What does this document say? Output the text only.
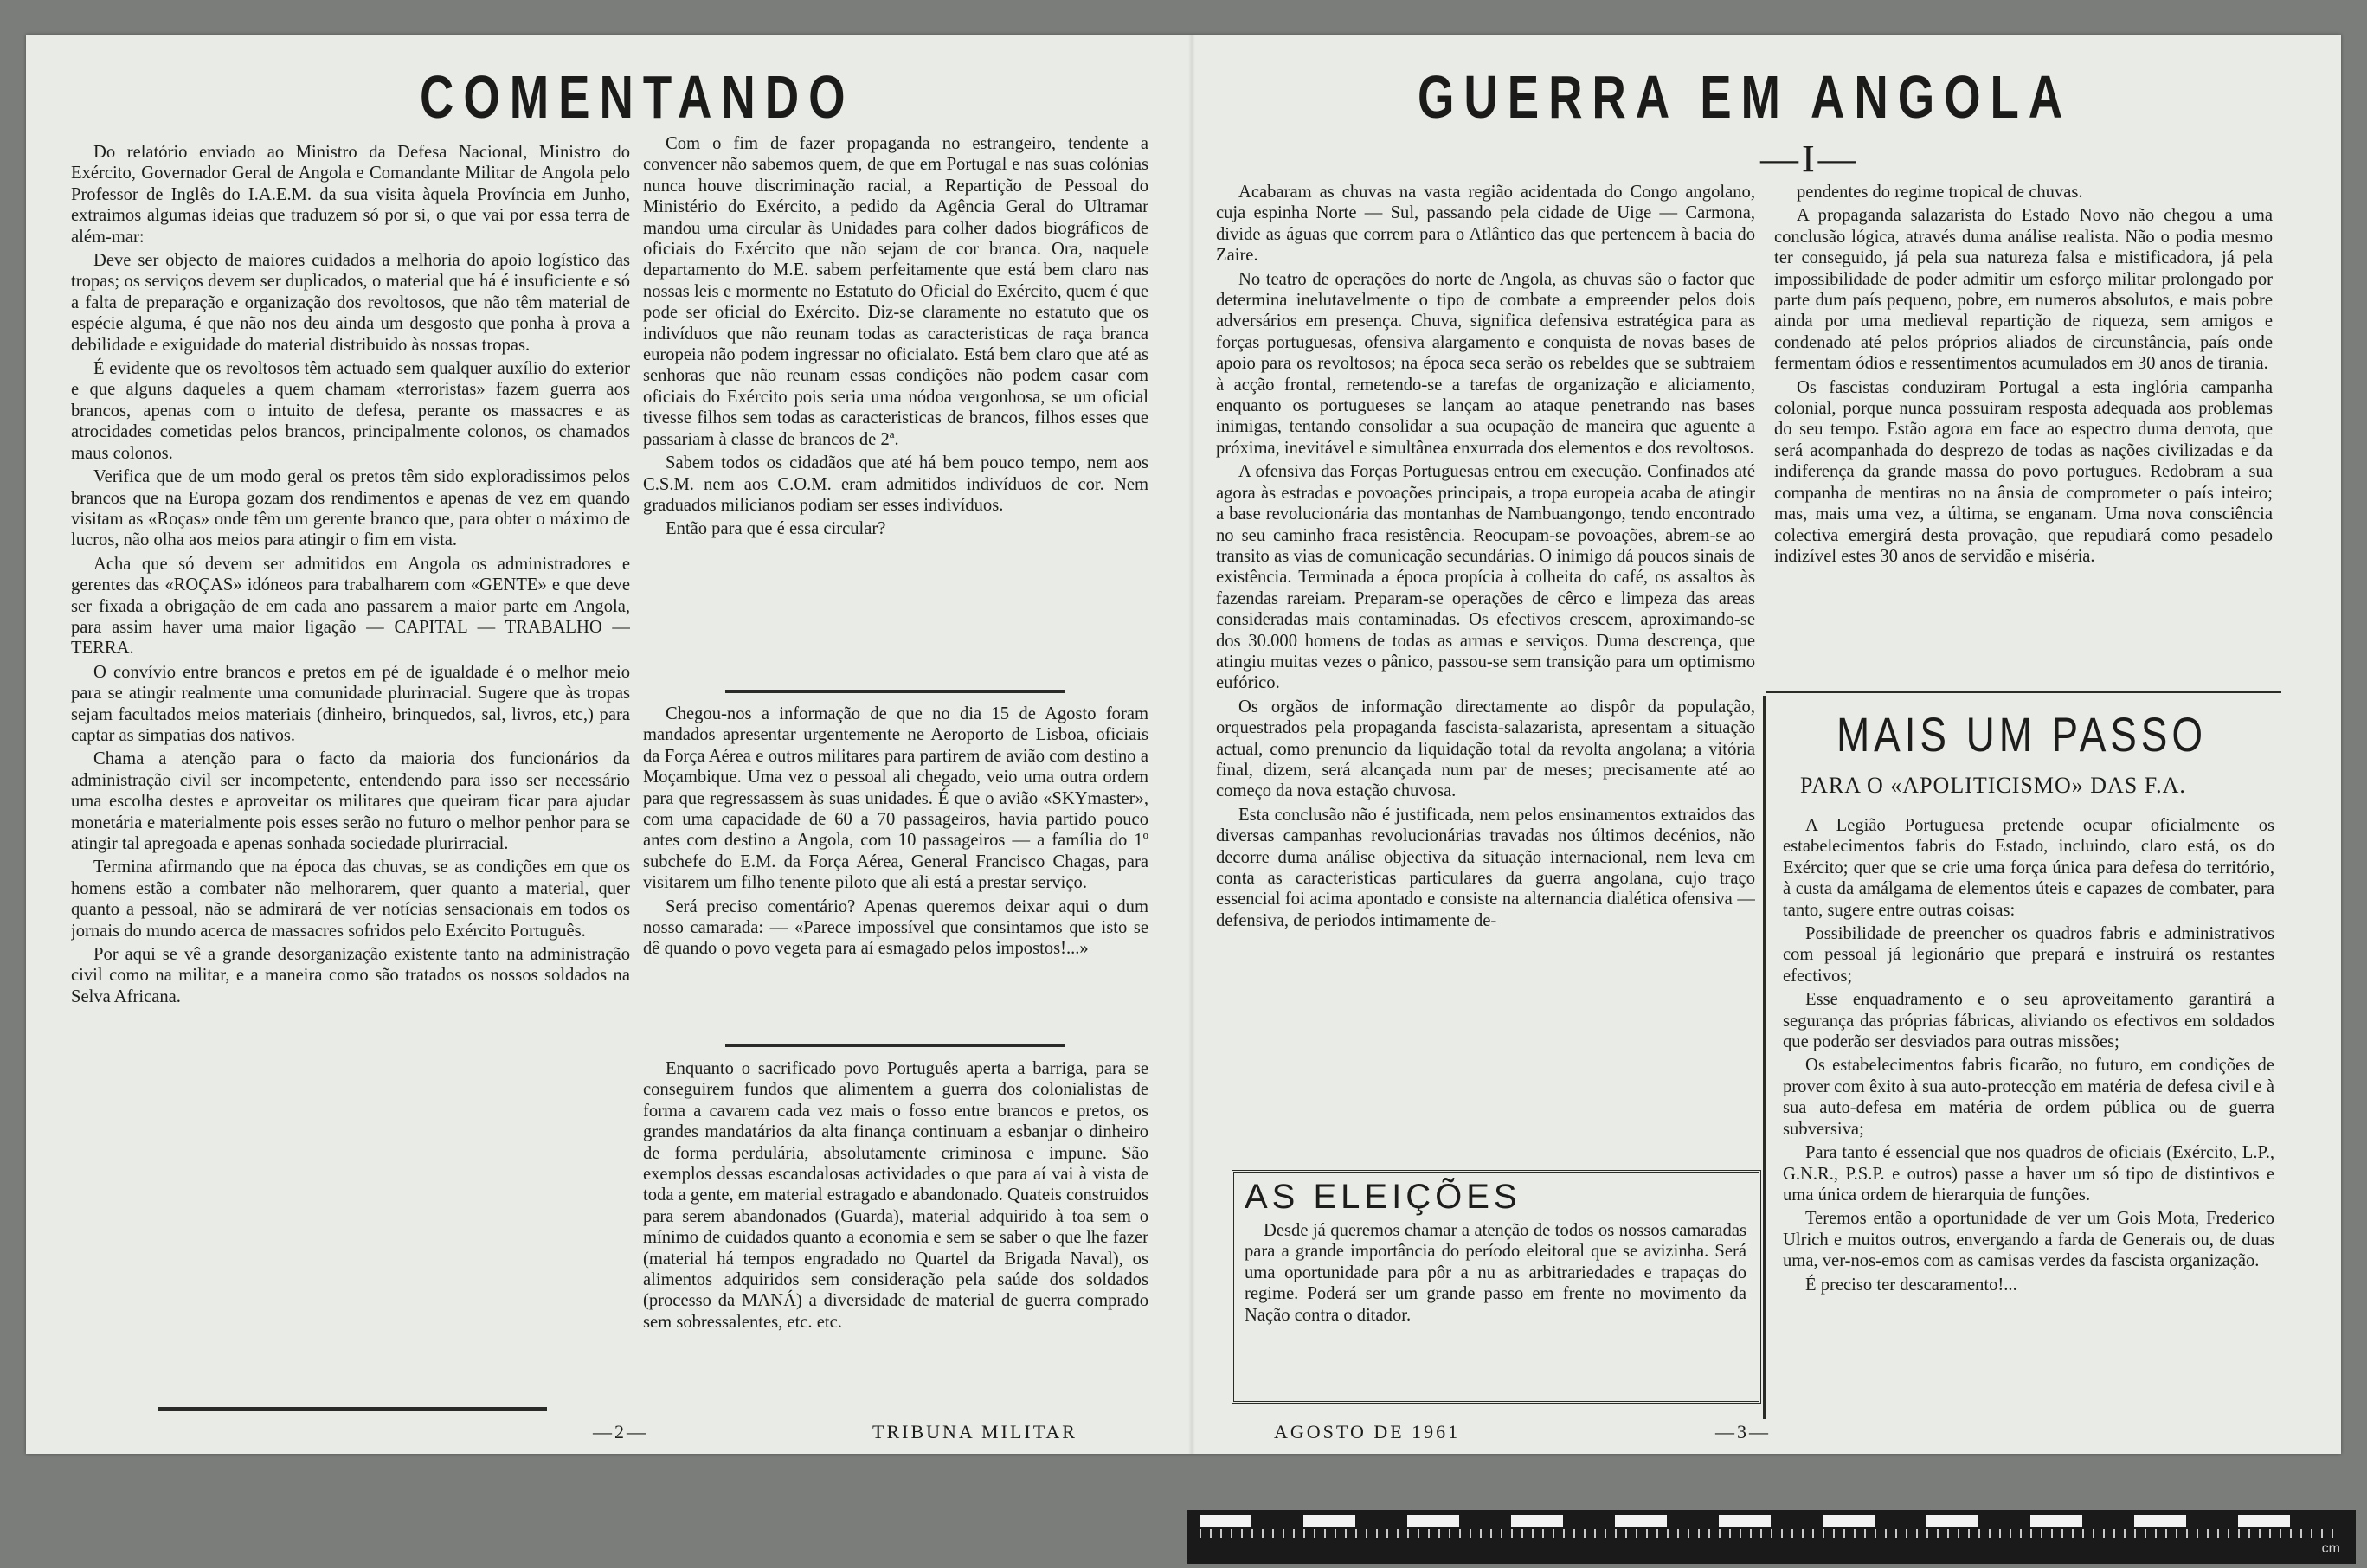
COMENTANDO

Do relatório enviado ao Ministro da Defesa Nacional, Ministro do Exército, Governador Geral de Angola e Comandante Militar de Angola pelo Professor de Inglês do I.A.E.M. da sua visita àquela Província em Junho, extraimos algumas ideias que traduzem só por si, o que vai por essa terra de além-mar:

Deve ser objecto de maiores cuidados a melhoria do apoio logístico das tropas; os serviços devem ser duplicados, o material que há é insuficiente e só a falta de preparação e organização dos revoltosos, que não têm material de espécie alguma, é que não nos deu ainda um desgosto que ponha à prova a debilidade e exiguidade do material distribuido às nossas tropas.

É evidente que os revoltosos têm actuado sem qualquer auxílio do exterior e que alguns daqueles a quem chamam «terroristas» fazem guerra aos brancos, apenas com o intuito de defesa, perante os massacres e as atrocidades cometidas pelos brancos, principalmente colonos, os chamados maus colonos.

Verifica que de um modo geral os pretos têm sido exploradissimos pelos brancos que na Europa gozam dos rendimentos e apenas de vez em quando visitam as «Roças» onde têm um gerente branco que, para obter o máximo de lucros, não olha aos meios para atingir o fim em vista.

Acha que só devem ser admitidos em Angola os administradores e gerentes das «ROÇAS» idóneos para trabalharem com «GENTE» e que deve ser fixada a obrigação de em cada ano passarem a maior parte em Angola, para assim haver uma maior ligação — CAPITAL — TRABALHO — TERRA.

O convívio entre brancos e pretos em pé de igualdade é o melhor meio para se atingir realmente uma comunidade plurirracial. Sugere que às tropas sejam facultados meios materiais (dinheiro, brinquedos, sal, livros, etc,) para captar as simpatias dos nativos.

Chama a atenção para o facto da maioria dos funcionários da administração civil ser incompetente, entendendo para isso ser necessário uma escolha destes e aproveitar os militares que queiram ficar para ajudar monetária e materialmente pois esses serão no futuro o melhor penhor para se atingir tal apregoada e apenas sonhada sociedade plurirracial.

Termina afirmando que na época das chuvas, se as condições em que os homens estão a combater não melhorarem, quer quanto a material, quer quanto a pessoal, não se admirará de ver notícias sensacionais em todos os jornais do mundo acerca de massacres sofridos pelo Exército Português.

Por aqui se vê a grande desorganização existente tanto na administração civil como na militar, e a maneira como são tratados os nossos soldados na Selva Africana.

Com o fim de fazer propaganda no estrangeiro, tendente a convencer não sabemos quem, de que em Portugal e nas suas colónias nunca houve discriminação racial, a Repartição de Pessoal do Ministério do Exército, a pedido da Agência Geral do Ultramar mandou uma circular às Unidades para colher dados biográficos de oficiais do Exército que não sejam de cor branca. Ora, naquele departamento do M.E. sabem perfeitamente que está bem claro nas nossas leis e mormente no Estatuto do Oficial do Exército, quem é que pode ser oficial do Exército. Diz-se claramente no estatuto que os indivíduos que não reunam todas as caracteristicas de raça branca europeia não podem ingressar no oficialato. Está bem claro que até as senhoras que não reunam essas condições não podem casar com oficiais do Exército pois seria uma nódoa vergonhosa, se um oficial tivesse filhos sem todas as caracteristicas de brancos, filhos esses que passariam à classe de brancos de 2ª.

Sabem todos os cidadãos que até há bem pouco tempo, nem aos C.S.M. nem aos C.O.M. eram admitidos indivíduos de cor. Nem graduados milicianos podiam ser esses indivíduos.

Então para que é essa circular?

Chegou-nos a informação de que no dia 15 de Agosto foram mandados apresentar urgentemente ne Aeroporto de Lisboa, oficiais da Força Aérea e outros militares para partirem de avião com destino a Moçambique. Uma vez o pessoal ali chegado, veio uma outra ordem para que regressassem às suas unidades. É que o avião «SKYmaster», com uma capacidade de 60 a 70 passageiros, havia partido pouco antes com destino a Angola, com 10 passageiros — a família do 1º subchefe do E.M. da Força Aérea, General Francisco Chagas, para visitarem um filho tenente piloto que ali está a prestar serviço.

Será preciso comentário? Apenas queremos deixar aqui o dum nosso camarada: — «Parece impossível que consintamos que isto se dê quando o povo vegeta para aí esmagado pelos impostos!...»

Enquanto o sacrificado povo Português aperta a barriga, para se conseguirem fundos que alimentem a guerra dos colonialistas de forma a cavarem cada vez mais o fosso entre brancos e pretos, os grandes mandatários da alta finança continuam a esbanjar o dinheiro de forma perdulária, absolutamente criminosa e impune. São exemplos dessas escandalosas actividades o que para aí vai à vista de toda a gente, em material estragado e abandonado. Quateis construidos para serem abandonados (Guarda), material adquirido à toa sem o mínimo de cuidados quanto a economia e sem se saber o que lhe fazer (material há tempos engradado no Quartel da Brigada Naval), os alimentos adquiridos sem consideração pela saúde dos soldados (processo da MANÁ) a diversidade de material de guerra comprado sem sobressalentes, etc. etc.

—2—	TRIBUNA MILITAR
GUERRA EM ANGOLA
—I—

Acabaram as chuvas na vasta região acidentada do Congo angolano, cuja espinha Norte — Sul, passando pela cidade de Uige — Carmona, divide as águas que correm para o Atlântico das que pertencem à bacia do Zaire.

No teatro de operações do norte de Angola, as chuvas são o factor que determina inelutavelmente o tipo de combate a empreender pelos dois adversários em presença. Chuva, significa defensiva estratégica para as forças portuguesas, ofensiva alargamento e conquista de novas bases de apoio para os revoltosos; na época seca serão os rebeldes que se subtraiem à acção frontal, remetendo-se a tarefas de organização e aliciamento, enquanto os portugueses se lançam ao ataque penetrando nas bases inimigas, tentando consolidar a sua ocupação de maneira que aguente a próxima, inevitável e simultânea enxurrada dos elementos e dos revoltosos.

A ofensiva das Forças Portuguesas entrou em execução. Confinados até agora às estradas e povoações principais, a tropa europeia acaba de atingir a base revolucionária das montanhas de Nambuangongo, tendo encontrado no seu caminho fraca resistência. Reocupam-se povoações, abrem-se ao transito as vias de comunicação secundárias. O inimigo dá poucos sinais de existência. Terminada a época propícia à colheita do café, os assaltos às fazendas rareiam. Preparam-se operações de cêrco e limpeza das areas consideradas mais contaminadas. Os efectivos crescem, aproximando-se dos 30.000 homens de todas as armas e serviços. Duma descrença, que atingiu muitas vezes o pânico, passou-se sem transição para um optimismo eufórico.

Os orgãos de informação directamente ao dispôr da população, orquestrados pela propaganda fascista-salazarista, apresentam a situação actual, como prenuncio da liquidação total da revolta angolana; a vitória final, dizem, será alcançada num par de meses; precisamente até ao começo da nova estação chuvosa.

Esta conclusão não é justificada, nem pelos ensinamentos extraidos das diversas campanhas revolucionárias travadas nos últimos decénios, não decorre duma análise objectiva da situação internacional, nem leva em conta as caracteristicas particulares da guerra angolana, cujo traço essencial foi acima apontado e consiste na alternancia dialética ofensiva — defensiva, de periodos intimamente de-

AS ELEIÇÕES

Desde já queremos chamar a atenção de todos os nossos camaradas para a grande importância do período eleitoral que se avizinha. Será uma oportunidade para pôr a nu as arbitrariedades e trapaças do regime. Poderá ser um grande passo em frente no movimento da Nação contra o ditador.

pendentes do regime tropical de chuvas.

A propaganda salazarista do Estado Novo não chegou a uma conclusão lógica, através duma análise realista. Não o podia mesmo ter conseguido, já pela sua natureza falsa e mistificadora, já pela impossibilidade de poder admitir um esforço militar prolongado por parte dum país pequeno, pobre, em numeros absolutos, e mais pobre ainda por uma medieval repartição de riqueza, sem amigos e condenado até pelos próprios aliados de circunstância, país onde fermentam ódios e ressentimentos acumulados em 30 anos de tirania.

Os fascistas conduziram Portugal a esta inglória campanha colonial, porque nunca possuiram resposta adequada aos problemas do seu tempo. Estão agora em face ao espectro duma derrota, que será acompanhada do desprezo de todas as nações civilizadas e da indiferença da grande massa do povo portugues. Redobram a sua companha de mentiras no na ânsia de comprometer o país inteiro; mas, mais uma vez, a última, se enganam. Uma nova consciência colectiva emergirá desta provação, que repudiará como pesadelo indizível estes 30 anos de servidão e miséria.

MAIS UM PASSO
PARA O «APOLITICISMO» DAS F.A.

A Legião Portuguesa pretende ocupar oficialmente os estabelecimentos fabris do Estado, incluindo, claro está, os do Exército; quer que se crie uma força única para defesa do território, à custa da amálgama de elementos úteis e capazes de combater, para tanto, sugere entre outras coisas:

Possibilidade de preencher os quadros fabris e administrativos com pessoal já legionário que prepará e instruirá os restantes efectivos;

Esse enquadramento e o seu aproveitamento garantirá a segurança das próprias fábricas, aliviando os efectivos em soldados que poderão ser desviados para outras missões;

Os estabelecimentos fabris ficarão, no futuro, em condições de prover com êxito à sua auto-protecção em matéria de defesa civil e à sua auto-defesa em matéria de ordem pública ou de guerra subversiva;

Para tanto é essencial que nos quadros de oficiais (Exército, L.P., G.N.R., P.S.P. e outros) passe a haver um só tipo de distintivos e uma única ordem de hierarquia de funções.

Teremos então a oportunidade de ver um Gois Mota, Frederico Ulrich e muitos outros, envergando a farda de Generais ou, de duas uma, ver-nos-emos com as camisas verdes da fascista organização.

É preciso ter descaramento!...

AGOSTO DE 1961	—3—
cm
